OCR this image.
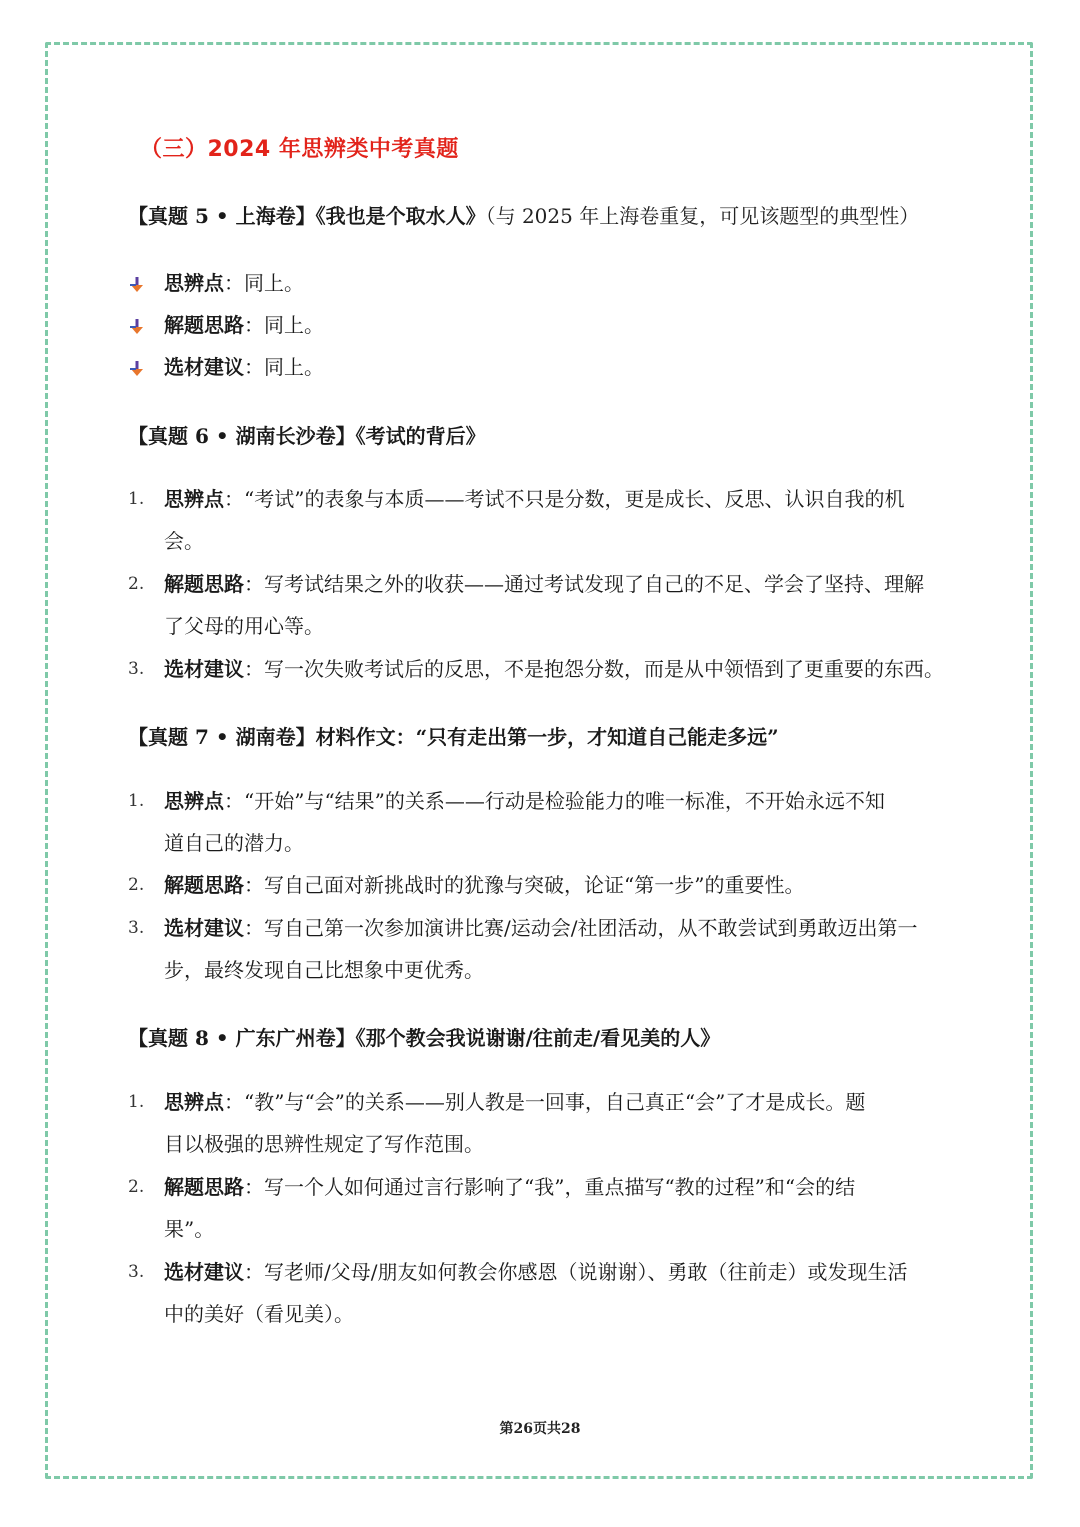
（三）2024 年思辨类中考真题
【真题 5 • 上海卷】《我也是个取水人》（与 2025 年上海卷重复，可见该题型的典型性）
思辨点：同上。
解题思路：同上。
选材建议：同上。
【真题 6 • 湖南长沙卷】《考试的背后》
1. 思辨点：“考试”的表象与本质——考试不只是分数，更是成长、反思、认识自我的机
会。
2. 解题思路：写考试结果之外的收获——通过考试发现了自己的不足、学会了坚持、理解
了父母的用心等。
3. 选材建议：写一次失败考试后的反思，不是抱怨分数，而是从中领悟到了更重要的东西。
【真题 7 • 湖南卷】材料作文：“只有走出第一步，才知道自己能走多远”
1. 思辨点：“开始”与“结果”的关系——行动是检验能力的唯一标准，不开始永远不知
道自己的潜力。
2. 解题思路：写自己面对新挑战时的犹豫与突破，论证“第一步”的重要性。
3. 选材建议：写自己第一次参加演讲比赛/运动会/社团活动，从不敢尝试到勇敢迈出第一
步，最终发现自己比想象中更优秀。
【真题 8 • 广东广州卷】《那个教会我说谢谢/往前走/看见美的人》
1. 思辨点：“教”与“会”的关系——别人教是一回事，自己真正“会”了才是成长。题
目以极强的思辨性规定了写作范围。
2. 解题思路：写一个人如何通过言行影响了“我”，重点描写“教的过程”和“会的结
果”。
3. 选材建议：写老师/父母/朋友如何教会你感恩（说谢谢）、勇敢（往前走）或发现生活
中的美好（看见美）。
第26页共28
